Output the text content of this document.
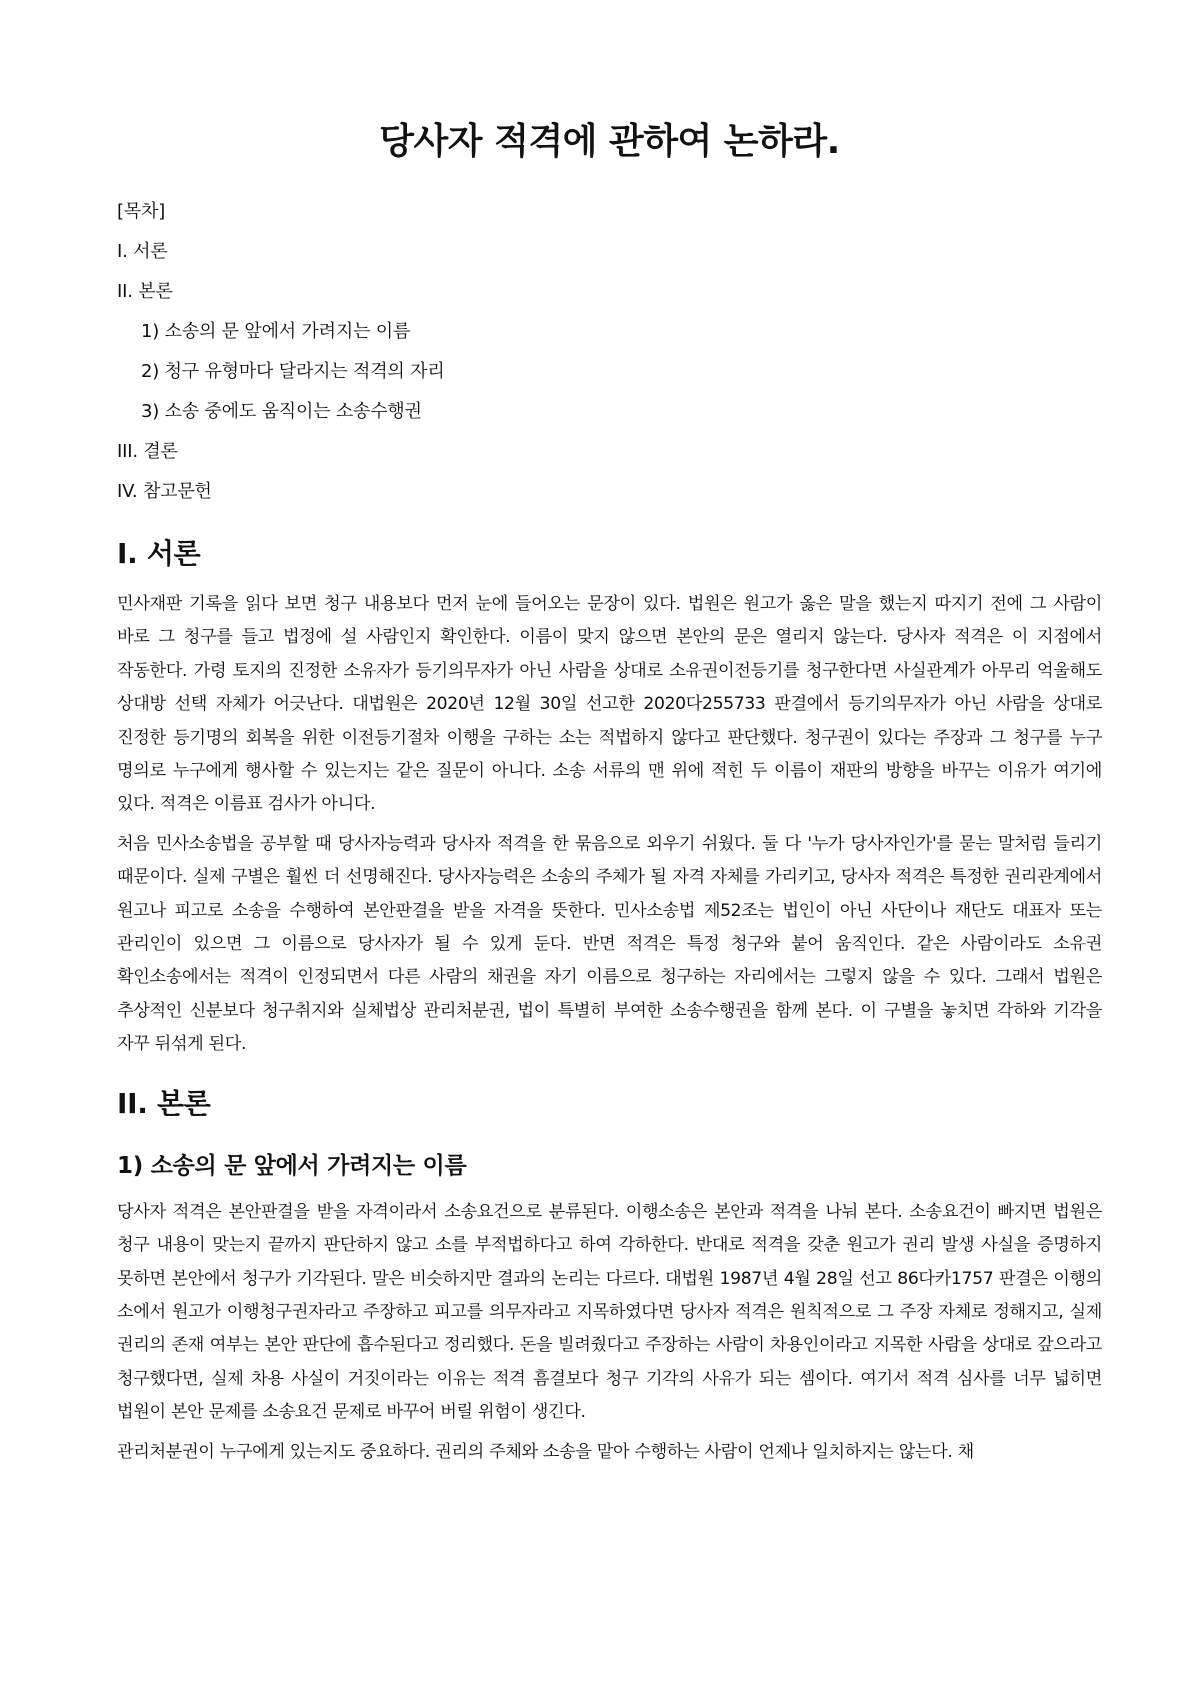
당사자 적격에 관하여 논하라.

[목차]

I. 서론

II. 본론

1) 소송의 문 앞에서 가려지는 이름

2) 청구 유형마다 달라지는 적격의 자리

3) 소송 중에도 움직이는 소송수행권

III. 결론

IV. 참고문헌

I. 서론

민사재판 기록을 읽다 보면 청구 내용보다 먼저 눈에 들어오는 문장이 있다. 법원은 원고가 옳은 말을 했는지 따지기 전에 그 사람이 바로 그 청구를 들고 법정에 설 사람인지 확인한다. 이름이 맞지 않으면 본안의 문은 열리지 않는다. 당사자 적격은 이 지점에서 작동한다. 가령 토지의 진정한 소유자가 등기의무자가 아닌 사람을 상대로 소유권이전등기를 청구한다면 사실관계가 아무리 억울해도 상대방 선택 자체가 어긋난다. 대법원은 2020년 12월 30일 선고한 2020다255733 판결에서 등기의무자가 아닌 사람을 상대로 진정한 등기명의 회복을 위한 이전등기절차 이행을 구하는 소는 적법하지 않다고 판단했다. 청구권이 있다는 주장과 그 청구를 누구 명의로 누구에게 행사할 수 있는지는 같은 질문이 아니다. 소송 서류의 맨 위에 적힌 두 이름이 재판의 방향을 바꾸는 이유가 여기에 있다. 적격은 이름표 검사가 아니다.

처음 민사소송법을 공부할 때 당사자능력과 당사자 적격을 한 묶음으로 외우기 쉬웠다. 둘 다 '누가 당사자인가'를 묻는 말처럼 들리기 때문이다. 실제 구별은 훨씬 더 선명해진다. 당사자능력은 소송의 주체가 될 자격 자체를 가리키고, 당사자 적격은 특정한 권리관계에서 원고나 피고로 소송을 수행하여 본안판결을 받을 자격을 뜻한다. 민사소송법 제52조는 법인이 아닌 사단이나 재단도 대표자 또는 관리인이 있으면 그 이름으로 당사자가 될 수 있게 둔다. 반면 적격은 특정 청구와 붙어 움직인다. 같은 사람이라도 소유권 확인소송에서는 적격이 인정되면서 다른 사람의 채권을 자기 이름으로 청구하는 자리에서는 그렇지 않을 수 있다. 그래서 법원은 추상적인 신분보다 청구취지와 실체법상 관리처분권, 법이 특별히 부여한 소송수행권을 함께 본다. 이 구별을 놓치면 각하와 기각을 자꾸 뒤섞게 된다.

II. 본론
1) 소송의 문 앞에서 가려지는 이름

당사자 적격은 본안판결을 받을 자격이라서 소송요건으로 분류된다. 이행소송은 본안과 적격을 나눠 본다. 소송요건이 빠지면 법원은 청구 내용이 맞는지 끝까지 판단하지 않고 소를 부적법하다고 하여 각하한다. 반대로 적격을 갖춘 원고가 권리 발생 사실을 증명하지 못하면 본안에서 청구가 기각된다. 말은 비슷하지만 결과의 논리는 다르다. 대법원 1987년 4월 28일 선고 86다카1757 판결은 이행의 소에서 원고가 이행청구권자라고 주장하고 피고를 의무자라고 지목하였다면 당사자 적격은 원칙적으로 그 주장 자체로 정해지고, 실제 권리의 존재 여부는 본안 판단에 흡수된다고 정리했다. 돈을 빌려줬다고 주장하는 사람이 차용인이라고 지목한 사람을 상대로 갚으라고 청구했다면, 실제 차용 사실이 거짓이라는 이유는 적격 흠결보다 청구 기각의 사유가 되는 셈이다. 여기서 적격 심사를 너무 넓히면 법원이 본안 문제를 소송요건 문제로 바꾸어 버릴 위험이 생긴다.

관리처분권이 누구에게 있는지도 중요하다. 권리의 주체와 소송을 맡아 수행하는 사람이 언제나 일치하지는 않는다. 채
